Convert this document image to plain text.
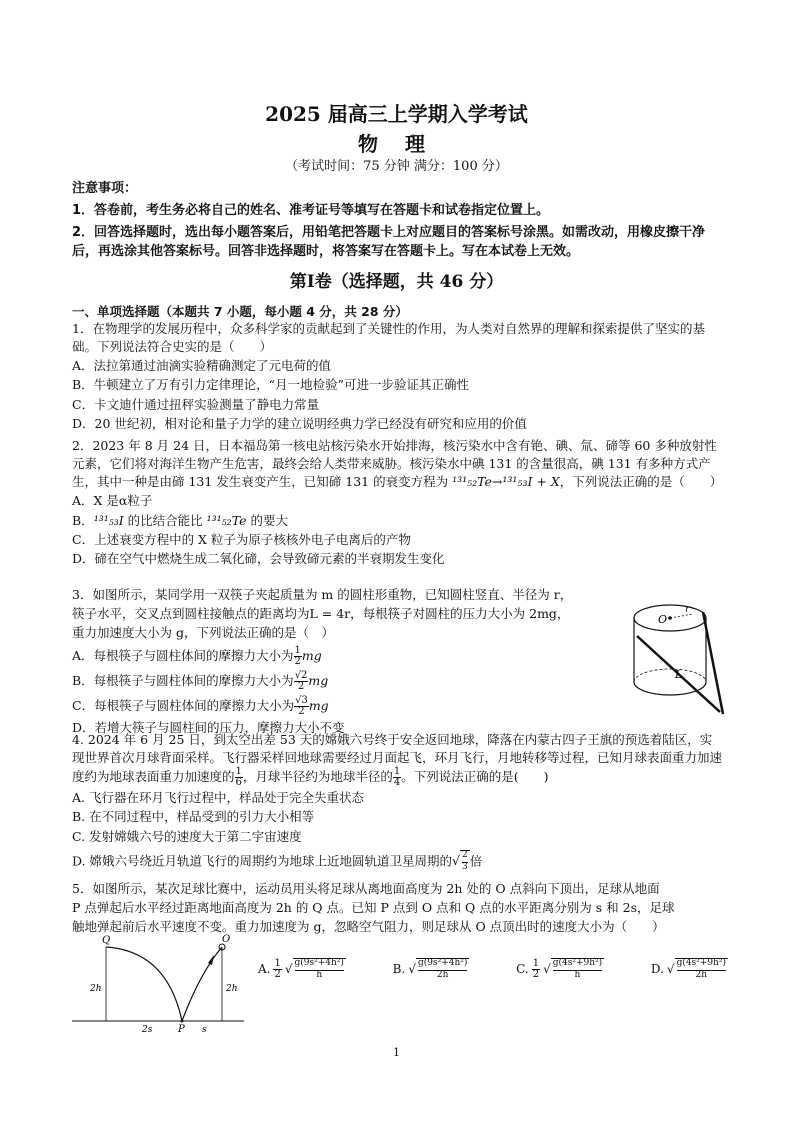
2025 届高三上学期入学考试
物 理
（考试时间：75 分钟 满分：100 分）

注意事项：

1．答卷前，考生务必将自己的姓名、准考证号等填写在答题卡和试卷指定位置上。

2．回答选择题时，选出每小题答案后，用铅笔把答题卡上对应题目的答案标号涂黑。如需改动，用橡皮擦干净后，再选涂其他答案标号。回答非选择题时，将答案写在答题卡上。写在本试卷上无效。

第Ⅰ卷（选择题，共 46 分）
一、单项选择题（本题共 7 小题，每小题 4 分，共 28 分）

1．在物理学的发展历程中，众多科学家的贡献起到了关键性的作用，为人类对自然界的理解和探索提供了坚实的基础。下列说法符合史实的是（　　）

A．法拉第通过油滴实验精确测定了元电荷的值

B．牛顿建立了万有引力定律理论，“月一地检验”可进一步验证其正确性

C．卡文迪什通过扭秤实验测量了静电力常量

D．20 世纪初，相对论和量子力学的建立说明经典力学已经没有研究和应用的价值

2．2023 年 8 月 24 日，日本福岛第一核电站核污染水开始排海，核污染水中含有铯、碘、氚、碲等 60 多种放射性元素，它们将对海洋生物产生危害，最终会给人类带来威胁。核污染水中碘 131 的含量很高，碘 131 有多种方式产生，其中一种是由碲 131 发生衰变产生，已知碲 131 的衰变方程为 ¹³¹₅₂Te→¹³¹₅₃I + X，下列说法正确的是（　　）

A．X 是α粒子

B．¹³¹₅₃I 的比结合能比 ¹³¹₅₂Te 的要大

C．上述衰变方程中的 X 粒子为原子核核外电子电离后的产物

D．碲在空气中燃烧生成二氧化碲，会导致碲元素的半衰期发生变化

3．如图所示，某同学用一双筷子夹起质量为 m 的圆柱形重物，已知圆柱竖直、半径为 r，

筷子水平，交叉点到圆柱接触点的距离均为L = 4r，每根筷子对圆柱的压力大小为 2mg，

重力加速度大小为 g，下列说法正确的是（　）

A．每根筷子与圆柱体间的摩擦力大小为 $\frac{1}{2}$ mg

B．每根筷子与圆柱体间的摩擦力大小为 $\frac{√2}{2}$ mg

C．每根筷子与圆柱体间的摩擦力大小为 $\frac{√3}{2}$ mg

D．若增大筷子与圆柱间的压力，摩擦力大小不变

O
r
L

4. 2024 年 6 月 25 日，到太空出差 53 天的嫦娥六号终于安全返回地球，降落在内蒙古四子王旗的预选着陆区，实现世界首次月球背面采样。飞行器采样回地球需要经过月面起飞，环月飞行，月地转移等过程，已知月球表面重力加速度约为地球表面重力加速度的 $\frac{1}{6}$ ，月球半径约为地球半径的 $\frac{1}{4}$ 。下列说法正确的是(　　)

A. 飞行器在环月飞行过程中，样品处于完全失重状态

B. 在不同过程中，样品受到的引力大小相等

C. 发射嫦娥六号的速度大于第二宇宙速度

D. 嫦娥六号绕近月轨道飞行的周期约为地球上近地圆轨道卫星周期的√ $\frac{2}{3}$ 倍

5．如图所示，某次足球比赛中，运动员用头将足球从离地面高度为 2h 处的 O 点斜向下顶出，足球从地面

P 点弹起后水平经过距离地面高度为 2h 的 Q 点。已知 P 点到 O 点和 Q 点的水平距离分别为 s 和 2s，足球

触地弹起前后水平速度不变。重力加速度为 g，忽略空气阻力，则足球从 O 点顶出时的速度大小为（　　）

Q	O
P
2h	2h
2s	s
A. $\frac{1}{2}$ √ $\frac{\text{g(9s²+4h²)}}{h}$	B. √ $\frac{\text{g(9s²+4h²)}}{2h}$	C. $\frac{1}{2}$ √ $\frac{\text{g(4s²+9h²)}}{h}$	D. √ $\frac{\text{g(4s²+9h²)}}{2h}$
1
